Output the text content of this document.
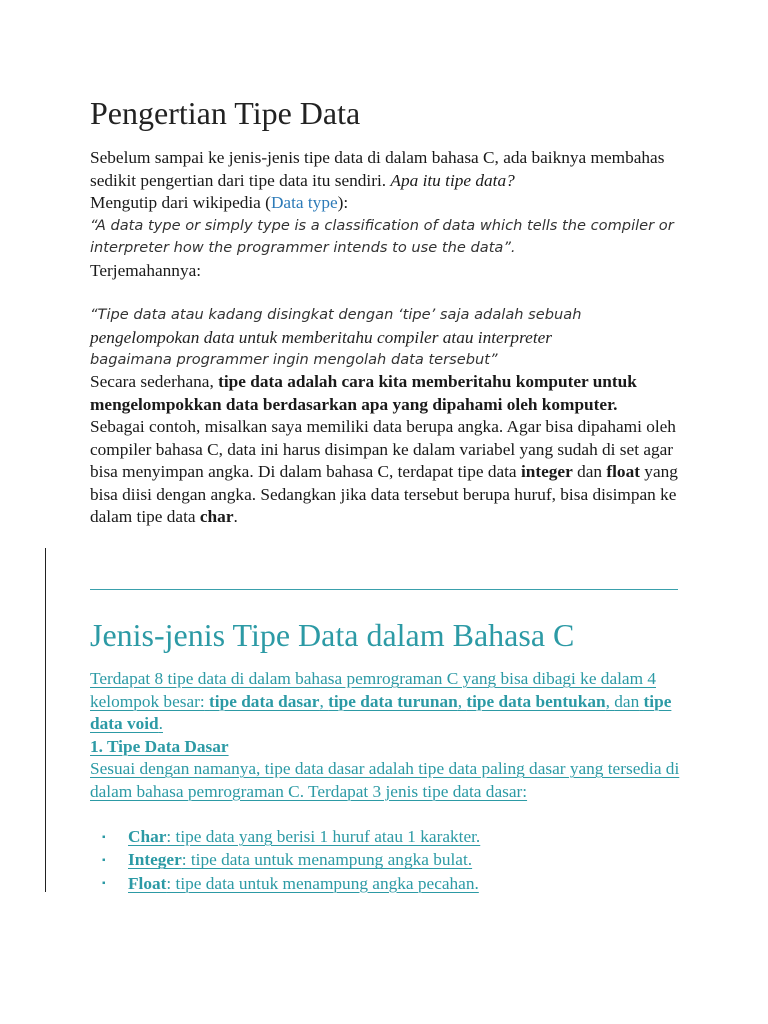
Pengertian Tipe Data

Sebelum sampai ke jenis-jenis tipe data di dalam bahasa C, ada baiknya membahas sedikit pengertian dari tipe data itu sendiri. Apa itu tipe data?

Mengutip dari wikipedia (Data type):

“A data type or simply type is a classification of data which tells the compiler or interpreter how the programmer intends to use the data”.

Terjemahannya:

“Tipe data atau kadang disingkat dengan ‘tipe’ saja adalah sebuah

pengelompokan data untuk memberitahu compiler atau interpreter

bagaimana programmer ingin mengolah data tersebut”

Secara sederhana, tipe data adalah cara kita memberitahu komputer untuk mengelompokkan data berdasarkan apa yang dipahami oleh komputer.

Sebagai contoh, misalkan saya memiliki data berupa angka. Agar bisa dipahami oleh compiler bahasa C, data ini harus disimpan ke dalam variabel yang sudah di set agar bisa menyimpan angka. Di dalam bahasa C, terdapat tipe data integer dan float yang bisa diisi dengan angka. Sedangkan jika data tersebut berupa huruf, bisa disimpan ke dalam tipe data char.

Jenis-jenis Tipe Data dalam Bahasa C

Terdapat 8 tipe data di dalam bahasa pemrograman C yang bisa dibagi ke dalam 4 kelompok besar: tipe data dasar, tipe data turunan, tipe data bentukan, dan tipe data void.

1. Tipe Data Dasar

Sesuai dengan namanya, tipe data dasar adalah tipe data paling dasar yang tersedia di dalam bahasa pemrograman C. Terdapat 3 jenis tipe data dasar:

▪ Char: tipe data yang berisi 1 huruf atau 1 karakter.
▪ Integer: tipe data untuk menampung angka bulat.
▪ Float: tipe data untuk menampung angka pecahan.
